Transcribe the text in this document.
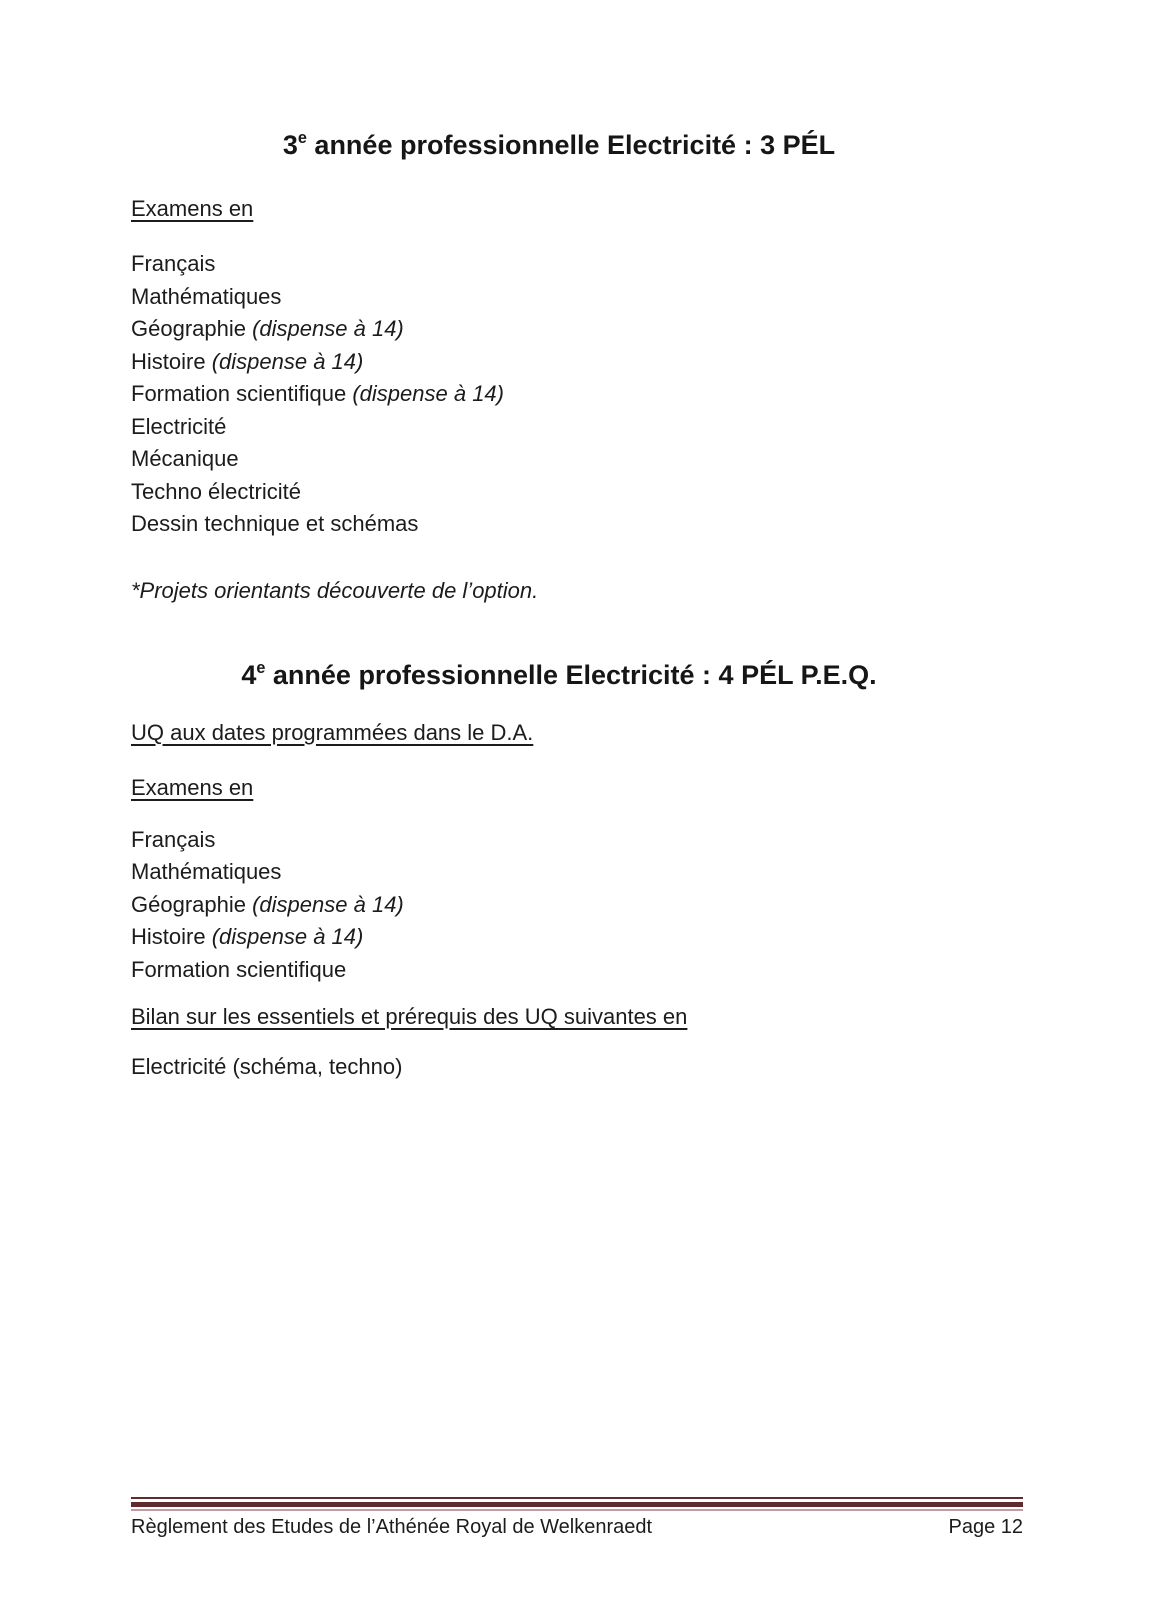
3e année professionnelle Electricité : 3 PÉL

Examens en

Français
Mathématiques
Géographie (dispense à 14)
Histoire (dispense à 14)
Formation scientifique (dispense à 14)
Electricité
Mécanique
Techno électricité
Dessin technique et schémas

*Projets orientants découverte de l’option.

4e année professionnelle Electricité : 4 PÉL P.E.Q.

UQ aux dates programmées dans le D.A.

Examens en

Français
Mathématiques
Géographie (dispense à 14)
Histoire (dispense à 14)
Formation scientifique

Bilan sur les essentiels et prérequis des UQ suivantes en

Electricité (schéma, techno)

Règlement des Etudes de l’Athénée Royal de Welkenraedt	Page 12
